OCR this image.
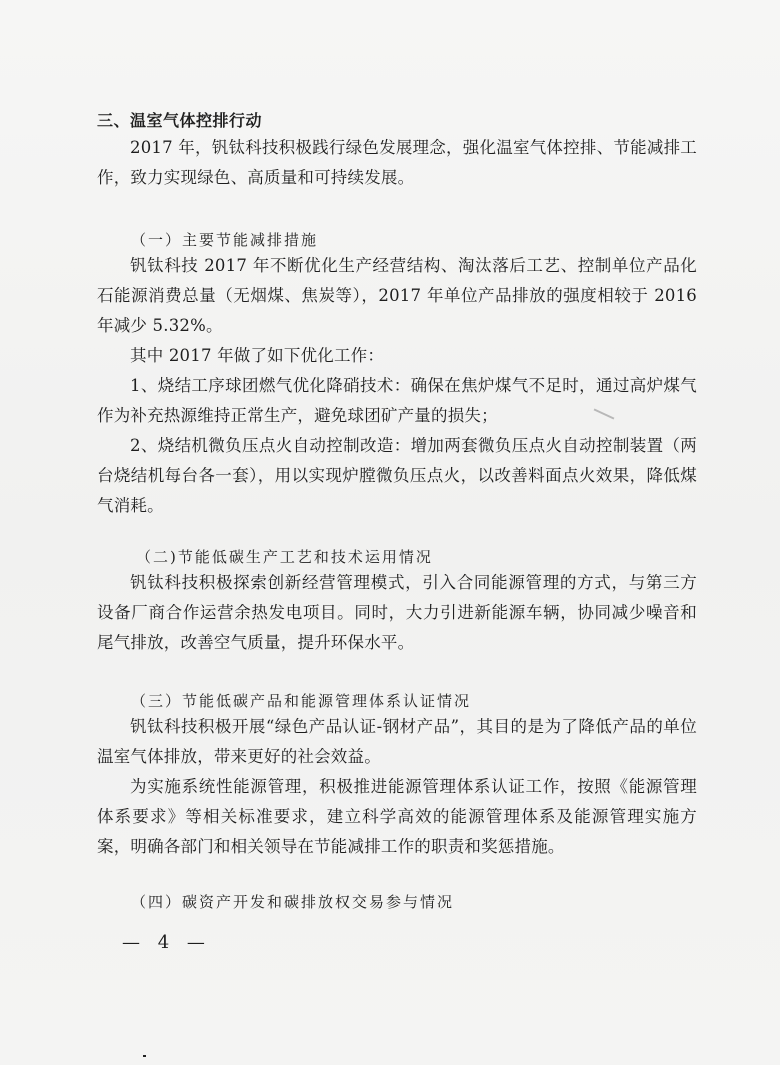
三、温室气体控排行动
2017 年，钒钛科技积极践行绿色发展理念，强化温室气体控排、节能减排工作，致力实现绿色、高质量和可持续发展。
（一）主要节能减排措施
钒钛科技 2017 年不断优化生产经营结构、淘汰落后工艺、控制单位产品化石能源消费总量（无烟煤、焦炭等），2017 年单位产品排放的强度相较于 2016 年减少 5.32%。
其中 2017 年做了如下优化工作：
1、烧结工序球团燃气优化降硝技术：确保在焦炉煤气不足时，通过高炉煤气作为补充热源维持正常生产，避免球团矿产量的损失；
2、烧结机微负压点火自动控制改造：增加两套微负压点火自动控制装置（两台烧结机每台各一套），用以实现炉膛微负压点火，以改善料面点火效果，降低煤气消耗。
（二)节能低碳生产工艺和技术运用情况
钒钛科技积极探索创新经营管理模式，引入合同能源管理的方式，与第三方设备厂商合作运营余热发电项目。同时，大力引进新能源车辆，协同减少噪音和尾气排放，改善空气质量，提升环保水平。
（三）节能低碳产品和能源管理体系认证情况
钒钛科技积极开展“绿色产品认证-钢材产品”，其目的是为了降低产品的单位温室气体排放，带来更好的社会效益。
为实施系统性能源管理，积极推进能源管理体系认证工作，按照《能源管理体系要求》等相关标准要求，建立科学高效的能源管理体系及能源管理实施方案，明确各部门和相关领导在节能减排工作的职责和奖惩措施。
（四）碳资产开发和碳排放权交易参与情况
— 4 —
